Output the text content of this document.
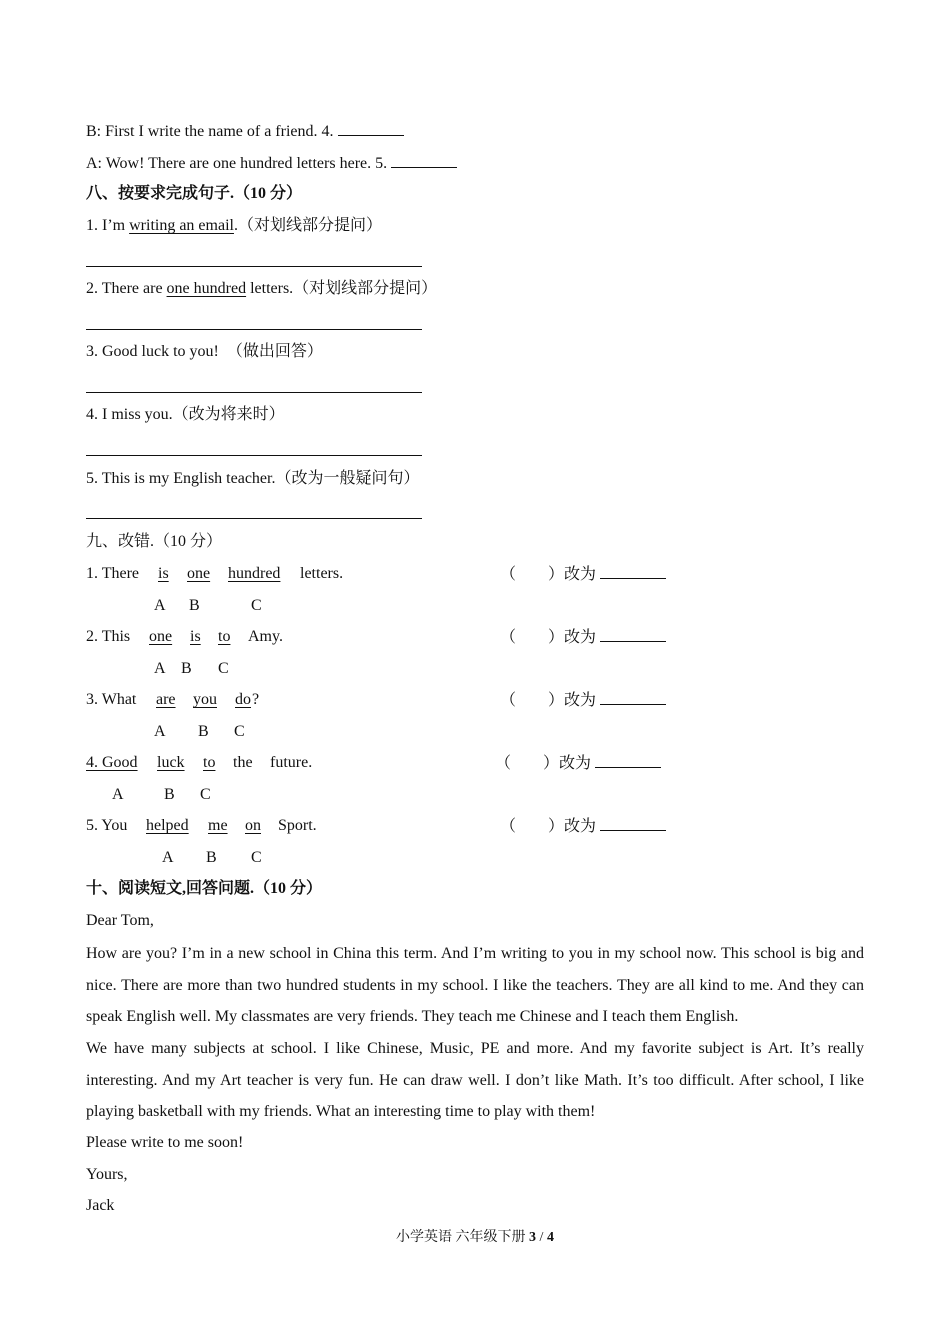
B: First I write the name of a friend. 4.
A: Wow! There are one hundred letters here. 5.
八、按要求完成句子.（10 分）
1. I’m writing an email.（对划线部分提问）
2. There are one hundred letters.（对划线部分提问）
3. Good luck to you!　（做出回答）
4. I miss you.（改为将来时）
5. This is my English teacher.（改为一般疑问句）
九、改错.（10 分）
1. There is one hundred letters.	（　　）改为
A B	C
2. This one is to Amy.	（　　）改为
A B C
3. What are you do ?	（　　）改为
A B C
4. Good luck to the future.	（　　）改为
A	B C
5. You helped me on Sport.	（　　）改为
A B C
十、阅读短文,回答问题.（10 分）
Dear Tom,
How are you? I’m in a new school in China this term. And I’m writing to you in my school now. This school is big and nice. There are more than two hundred students in my school. I like the teachers. They are all kind to me. And they can speak English well. My classmates are very friends. They teach me Chinese and I teach them English.
We have many subjects at school. I like Chinese, Music, PE and more. And my favorite subject is Art. It’s really interesting. And my Art teacher is very fun. He can draw well. I don’t like Math. It’s too difficult. After school, I like playing basketball with my friends. What an interesting time to play with them!
Please write to me soon!
Yours,
Jack
小学英语 六年级下册 3 / 4
